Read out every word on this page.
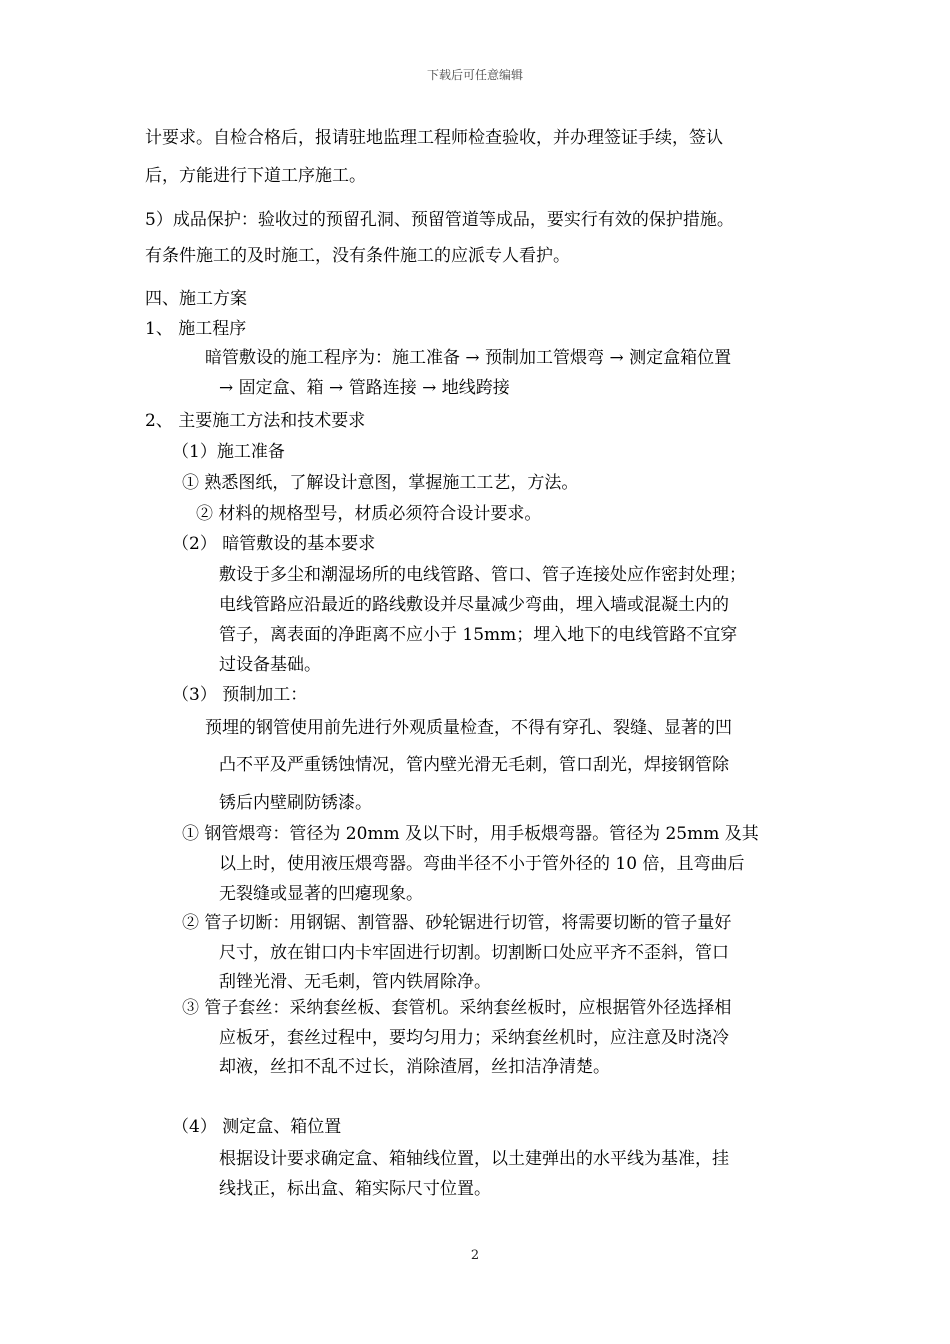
下载后可任意编辑
计要求。自检合格后，报请驻地监理工程师检查验收，并办理签证手续，签认
后，方能进行下道工序施工。
5）成品保护：验收过的预留孔洞、预留管道等成品，要实行有效的保护措施。
有条件施工的及时施工，没有条件施工的应派专人看护。
四、施工方案
1、 施工程序
暗管敷设的施工程序为：施工准备 → 预制加工管煨弯 → 测定盒箱位置
→ 固定盒、箱 → 管路连接 → 地线跨接
2、 主要施工方法和技术要求
（1）施工准备
① 熟悉图纸，了解设计意图，掌握施工工艺，方法。
② 材料的规格型号，材质必须符合设计要求。
（2） 暗管敷设的基本要求
敷设于多尘和潮湿场所的电线管路、管口、管子连接处应作密封处理；
电线管路应沿最近的路线敷设并尽量减少弯曲，埋入墙或混凝土内的
管子，离表面的净距离不应小于 15mm；埋入地下的电线管路不宜穿
过设备基础。
（3） 预制加工：
预埋的钢管使用前先进行外观质量检查，不得有穿孔、裂缝、显著的凹
凸不平及严重锈蚀情况，管内壁光滑无毛刺，管口刮光，焊接钢管除
锈后内壁刷防锈漆。
① 钢管煨弯：管径为 20mm 及以下时，用手板煨弯器。管径为 25mm 及其
以上时，使用液压煨弯器。弯曲半径不小于管外径的 10 倍，且弯曲后
无裂缝或显著的凹瘪现象。
② 管子切断：用钢锯、割管器、砂轮锯进行切管，将需要切断的管子量好
尺寸，放在钳口内卡牢固进行切割。切割断口处应平齐不歪斜，管口
刮锉光滑、无毛刺，管内铁屑除净。
③ 管子套丝：采纳套丝板、套管机。采纳套丝板时，应根据管外径选择相
应板牙，套丝过程中，要均匀用力；采纳套丝机时，应注意及时浇冷
却液，丝扣不乱不过长，消除渣屑，丝扣洁净清楚。
（4） 测定盒、箱位置
根据设计要求确定盒、箱轴线位置，以土建弹出的水平线为基准，挂
线找正，标出盒、箱实际尺寸位置。
2
